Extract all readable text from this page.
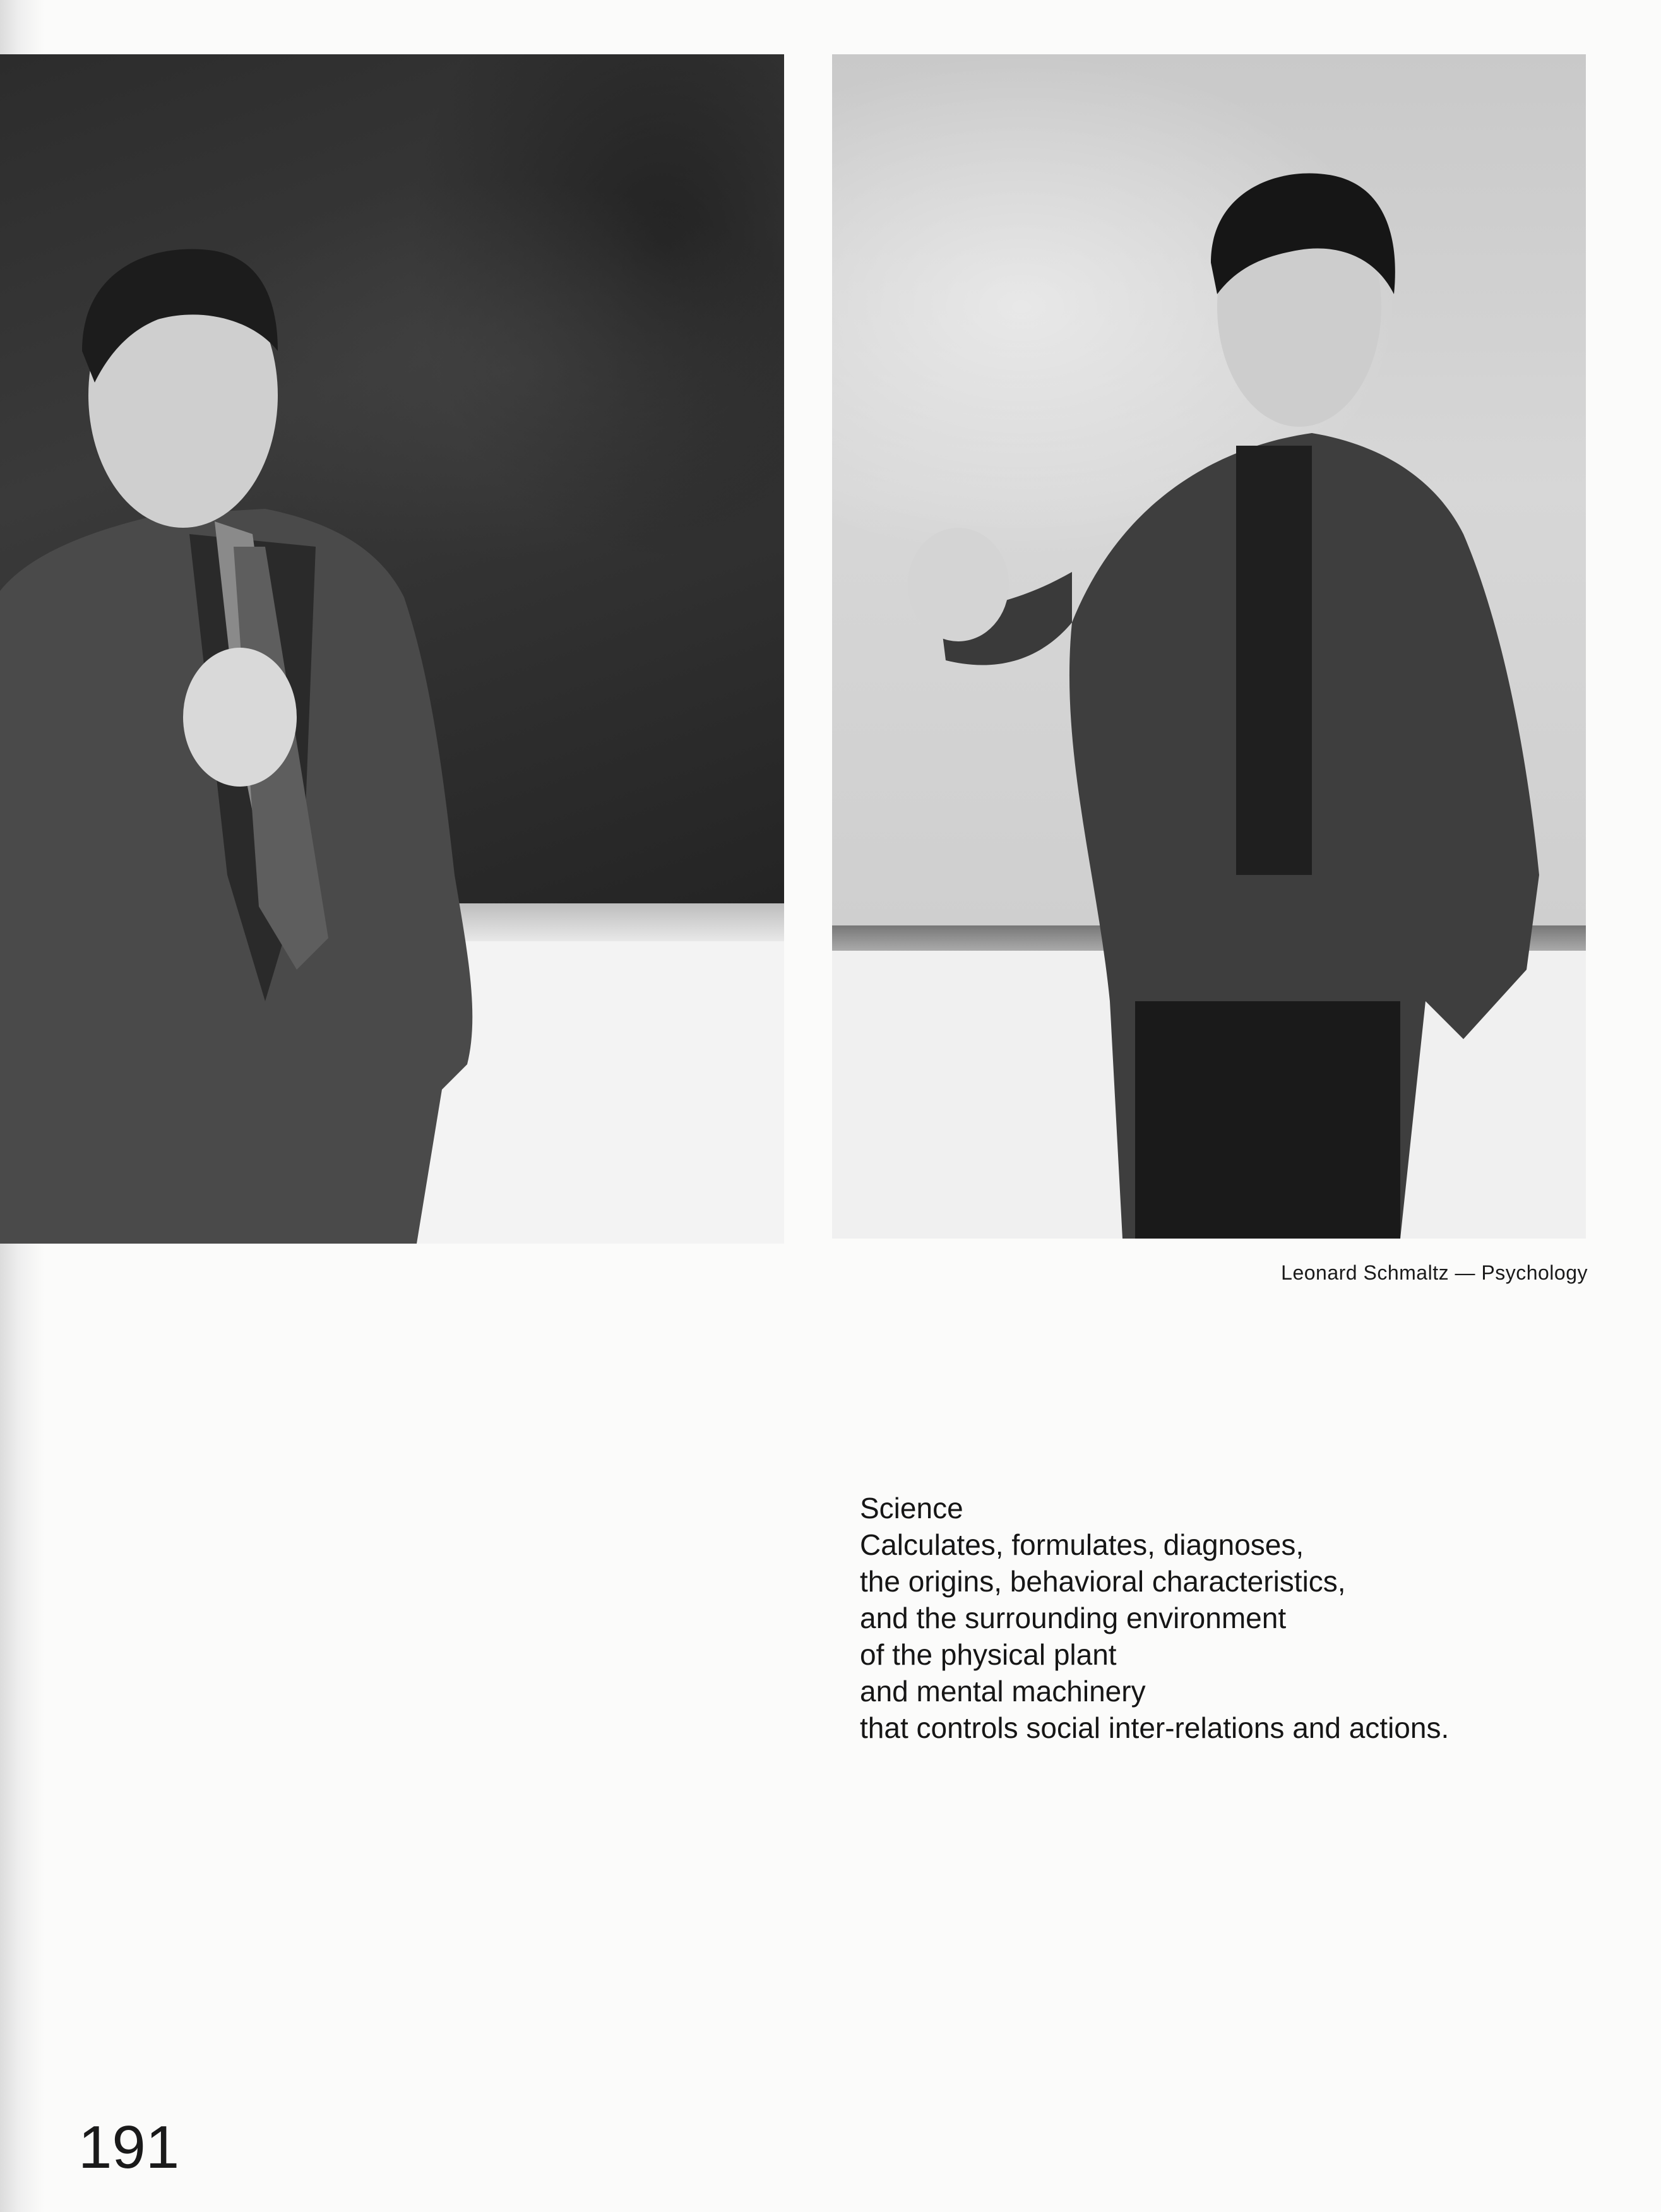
Leonard Schmaltz — Psychology
Science
Calculates, formulates, diagnoses,
the origins, behavioral characteristics,
and the surrounding environment
of the physical plant
and mental machinery
that controls social inter-relations and actions.
191
